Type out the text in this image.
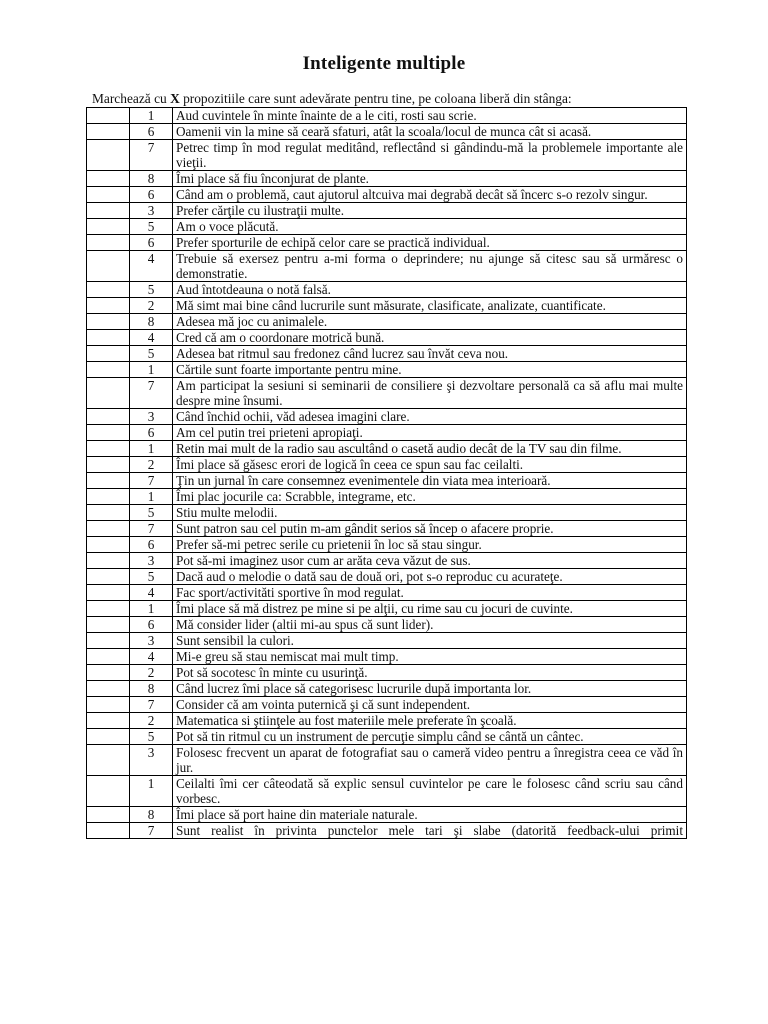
Inteligente multiple
Marchează cu X propozitiile care sunt adevărate pentru tine, pe coloana liberă din stânga:
	1	Aud cuvintele în minte înainte de a le citi, rosti sau scrie.
	6	Oamenii vin la mine să ceară sfaturi, atât la scoala/locul de munca cât si acasă.
	7	Petrec timp în mod regulat meditând, reflectând si gândindu-mă la problemele importante ale vieţii.
	8	Îmi place să fiu înconjurat de plante.
	6	Când am o problemă, caut ajutorul altcuiva mai degrabă decât să încerc s-o rezolv singur.
	3	Prefer cărţile cu ilustraţii multe.
	5	Am o voce plăcută.
	6	Prefer sporturile de echipă celor care se practică individual.
	4	Trebuie să exersez pentru a-mi forma o deprindere; nu ajunge să citesc sau să urmăresc o demonstratie.
	5	Aud întotdeauna o notă falsă.
	2	Mă simt mai bine când lucrurile sunt măsurate, clasificate, analizate, cuantificate.
	8	Adesea mă joc cu animalele.
	4	Cred că am o coordonare motrică bună.
	5	Adesea bat ritmul sau fredonez când lucrez sau învăt ceva nou.
	1	Cărtile sunt foarte importante pentru mine.
	7	Am participat la sesiuni si seminarii de consiliere şi dezvoltare personală ca să aflu mai multe despre mine însumi.
	3	Când închid ochii, văd adesea imagini clare.
	6	Am cel putin trei prieteni apropiaţi.
	1	Retin mai mult de la radio sau ascultând o casetă audio decât de la TV sau din filme.
	2	Îmi place să găsesc erori de logică în ceea ce spun sau fac ceilalti.
	7	Ţin un jurnal în care consemnez evenimentele din viata mea interioară.
	1	Îmi plac jocurile ca: Scrabble, integrame, etc.
	5	Stiu multe melodii.
	7	Sunt patron sau cel putin m-am gândit serios să încep o afacere proprie.
	6	Prefer să-mi petrec serile cu prietenii în loc să stau singur.
	3	Pot să-mi imaginez usor cum ar arăta ceva văzut de sus.
	5	Dacă aud o melodie o dată sau de două ori, pot s-o reproduc cu acurateţe.
	4	Fac sport/activităti sportive în mod regulat.
	1	Îmi place să mă distrez pe mine si pe alţii, cu rime sau cu jocuri de cuvinte.
	6	Mă consider lider (altii mi-au spus că sunt lider).
	3	Sunt sensibil la culori.
	4	Mi-e greu să stau nemiscat mai mult timp.
	2	Pot să socotesc în minte cu usurinţă.
	8	Când lucrez îmi place să categorisesc lucrurile după importanta lor.
	7	Consider că am vointa puternică şi că sunt independent.
	2	Matematica si ştiinţele au fost materiile mele preferate în şcoală.
	5	Pot să tin ritmul cu un instrument de percuţie simplu când se cântă un cântec.
	3	Folosesc frecvent un aparat de fotografiat sau o cameră video pentru a înregistra ceea ce văd în jur.
	1	Ceilalti îmi cer câteodată să explic sensul cuvintelor pe care le folosesc când scriu sau când vorbesc.
	8	Îmi place să port haine din materiale naturale.
	7	Sunt realist în privinta punctelor mele tari şi slabe (datorită feedback-ului primit
